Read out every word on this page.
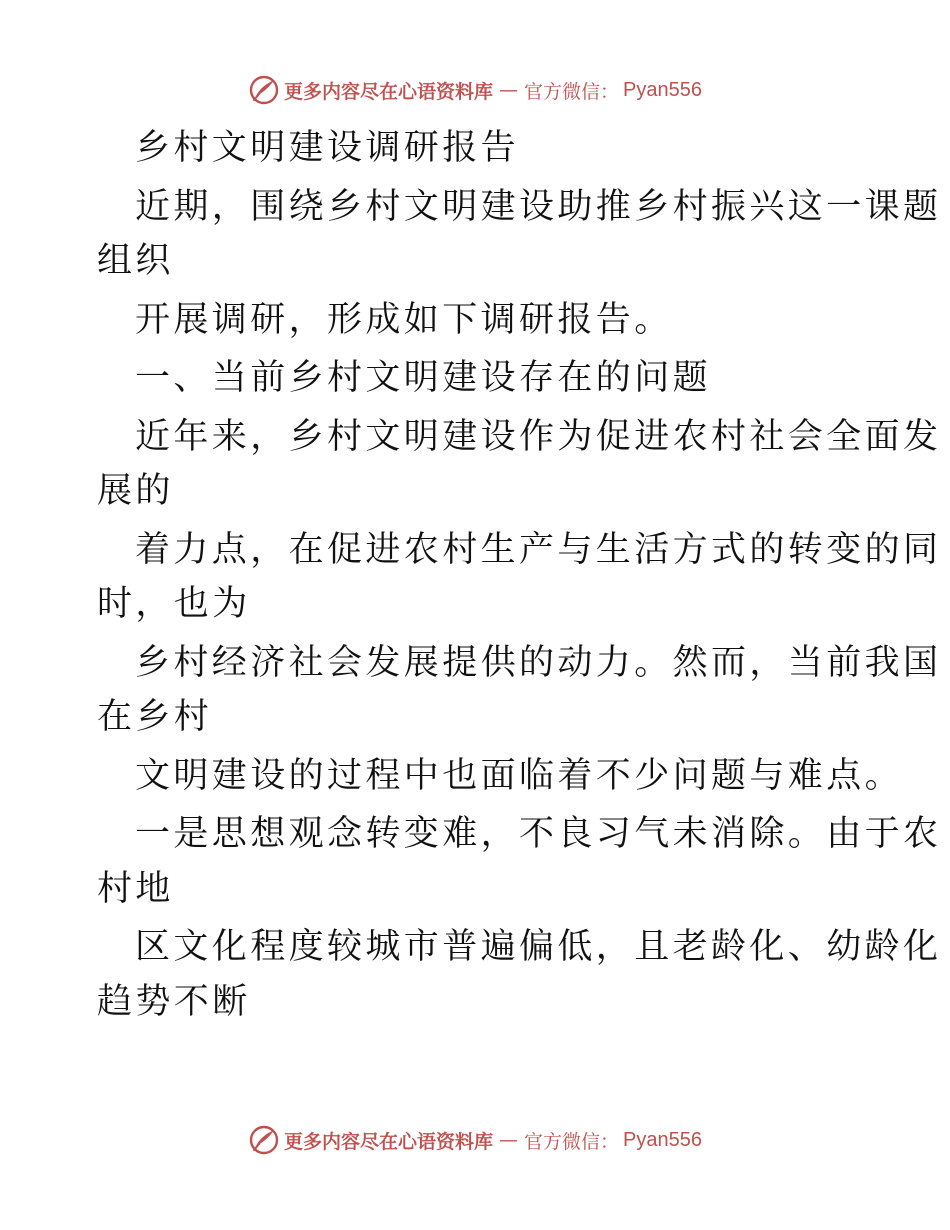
更多内容尽在心语资料库 — 官方微信： Pyan556
乡村文明建设调研报告
近期，围绕乡村文明建设助推乡村振兴这一课题
组织
开展调研，形成如下调研报告。
一、当前乡村文明建设存在的问题
近年来，乡村文明建设作为促进农村社会全面发
展的
着力点，在促进农村生产与生活方式的转变的同
时，也为
乡村经济社会发展提供的动力。然而，当前我国
在乡村
文明建设的过程中也面临着不少问题与难点。
一是思想观念转变难，不良习气未消除。由于农
村地
区文化程度较城市普遍偏低，且老龄化、幼龄化
趋势不断
更多内容尽在心语资料库 — 官方微信： Pyan556
